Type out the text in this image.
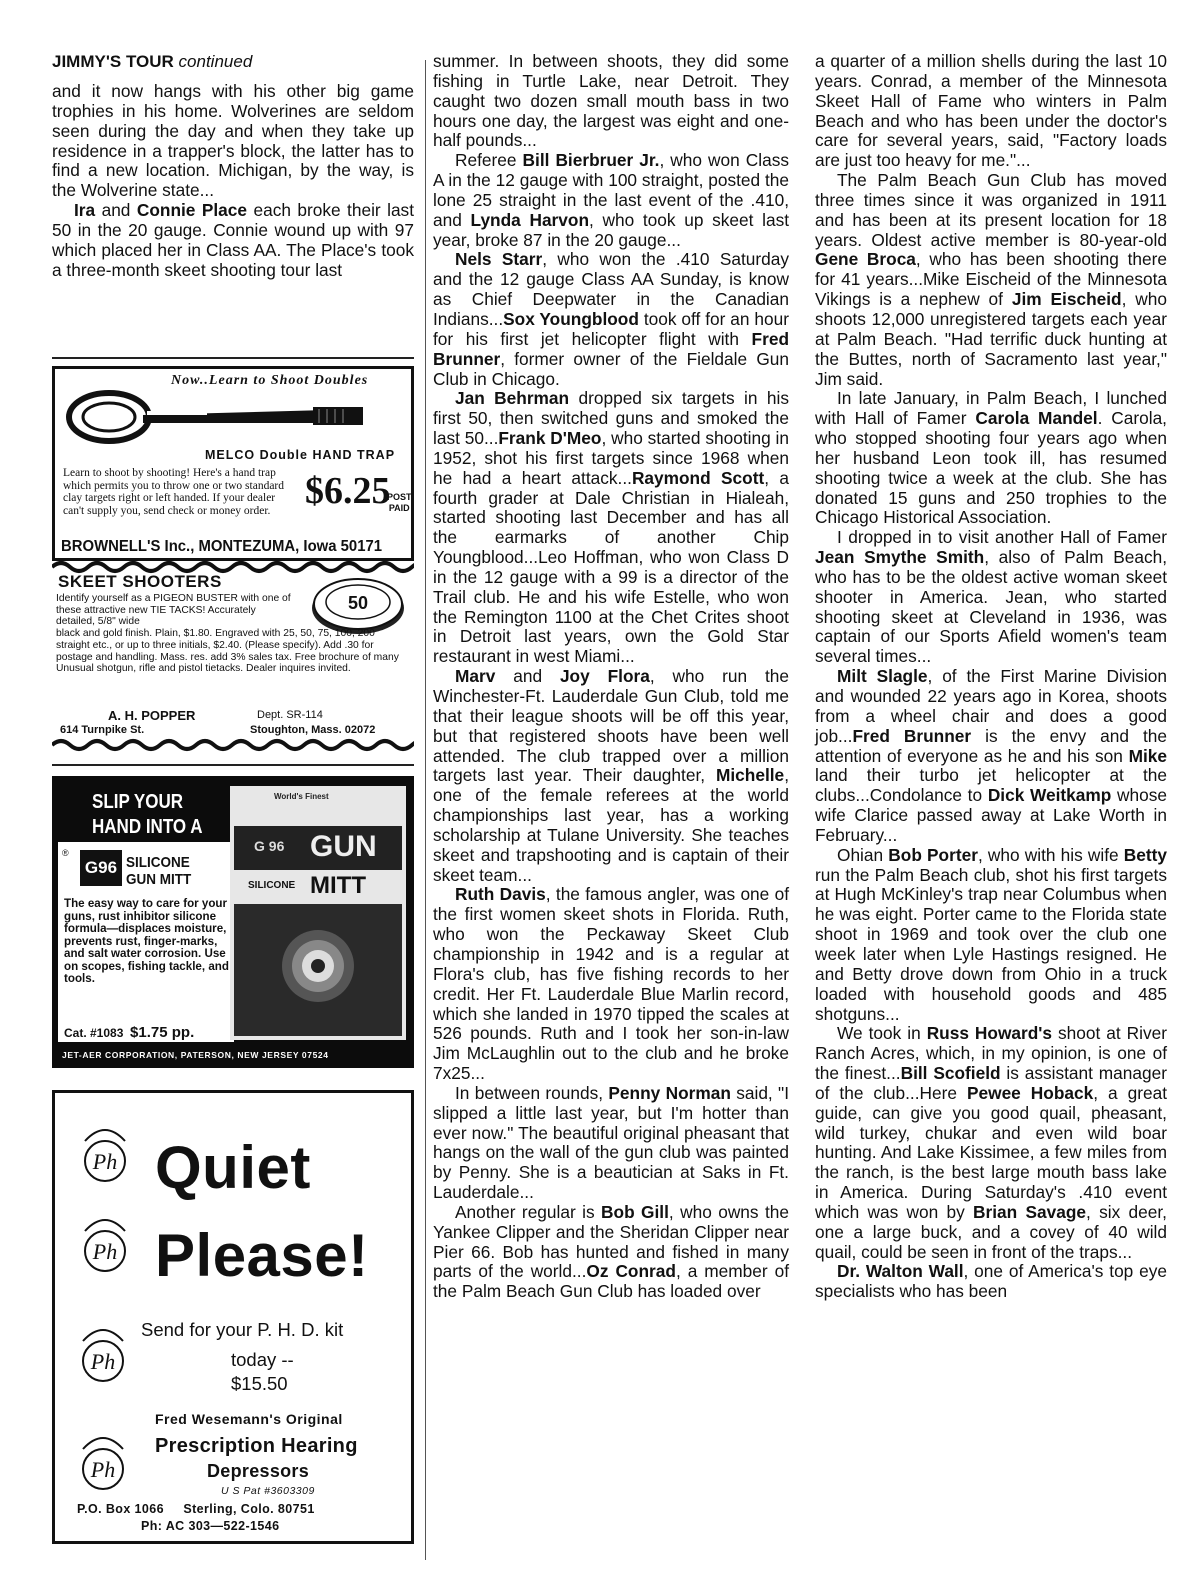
JIMMY'S TOUR continued

and it now hangs with his other big game trophies in his home. Wolverines are seldom seen during the day and when they take up residence in a trapper's block, the latter has to find a new location. Michigan, by the way, is the Wolverine state...

Ira and Connie Place each broke their last 50 in the 20 gauge. Connie wound up with 97 which placed her in Class AA. The Place's took a three-month skeet shooting tour last

Now..Learn to Shoot Doubles
MELCO Double HAND TRAP
Learn to shoot by shooting! Here's a hand trap which permits you to throw one or two standard clay targets right or left handed. If your dealer can't supply you, send check or money order. $6.25
POST
PAID
BROWNELL'S Inc., MONTEZUMA, Iowa 50171
SKEET SHOOTERS
50
Identify yourself as a PIGEON BUSTER with one of these attractive new TIE TACKS! Accurately detailed, 5/8" wide
black and gold finish. Plain, $1.80. Engraved with 25, 50, 75, 100, 200 straight etc., or up to three initials, $2.40. (Please specify). Add .30 for postage and handling. Mass. res. add 3% sales tax. Free brochure of many Unusual shotgun, rifle and pistol tietacks. Dealer inquires invited.
A. H. POPPER	Dept. SR-114
614 Turnpike St.	Stoughton, Mass. 02072
SLIP YOUR
HAND INTO A
®
G96 SILICONE
GUN MITT
The easy way to care for your guns, rust inhibitor silicone formula—displaces moisture, prevents rust, finger-marks, and salt water corrosion. Use on scopes, fishing tackle, and tools.
Cat. #1083 $1.75 pp.
World's Finest
G 96 GUN
SILICONE MITT
JET-AER CORPORATION, PATERSON, NEW JERSEY 07524
Ph Quiet
Ph Please!
Ph
Send for your P. H. D. kit
today --
$15.50
Ph
Fred Wesemann's Original
Prescription Hearing
Depressors
U S Pat #3603309
P.O. Box 1066     Sterling, Colo. 80751
Ph: AC 303—522-1546

summer. In between shoots, they did some fishing in Turtle Lake, near Detroit. They caught two dozen small mouth bass in two hours one day, the largest was eight and one-half pounds...

Referee Bill Bierbruer Jr., who won Class A in the 12 gauge with 100 straight, posted the lone 25 straight in the last event of the .410, and Lynda Harvon, who took up skeet last year, broke 87 in the 20 gauge...

Nels Starr, who won the .410 Saturday and the 12 gauge Class AA Sunday, is know as Chief Deepwater in the Canadian Indians...Sox Youngblood took off for an hour for his first jet helicopter flight with Fred Brunner, former owner of the Fieldale Gun Club in Chicago.

Jan Behrman dropped six targets in his first 50, then switched guns and smoked the last 50...Frank D'Meo, who started shooting in 1952, shot his first targets since 1968 when he had a heart attack...Raymond Scott, a fourth grader at Dale Christian in Hialeah, started shooting last December and has all the earmarks of another Chip Youngblood...Leo Hoffman, who won Class D in the 12 gauge with a 99 is a director of the Trail club. He and his wife Estelle, who won the Remington 1100 at the Chet Crites shoot in Detroit last years, own the Gold Star restaurant in west Miami...

Marv and Joy Flora, who run the Winchester-Ft. Lauderdale Gun Club, told me that their league shoots will be off this year, but that registered shoots have been well attended. The club trapped over a million targets last year. Their daughter, Michelle, one of the female referees at the world championships last year, has a working scholarship at Tulane University. She teaches skeet and trapshooting and is captain of their skeet team...

Ruth Davis, the famous angler, was one of the first women skeet shots in Florida. Ruth, who won the Peckaway Skeet Club championship in 1942 and is a regular at Flora's club, has five fishing records to her credit. Her Ft. Lauderdale Blue Marlin record, which she landed in 1970 tipped the scales at 526 pounds. Ruth and I took her son-in-law Jim McLaughlin out to the club and he broke 7x25...

In between rounds, Penny Norman said, "I slipped a little last year, but I'm hotter than ever now." The beautiful original pheasant that hangs on the wall of the gun club was painted by Penny. She is a beautician at Saks in Ft. Lauderdale...

Another regular is Bob Gill, who owns the Yankee Clipper and the Sheridan Clipper near Pier 66. Bob has hunted and fished in many parts of the world...Oz Conrad, a member of the Palm Beach Gun Club has loaded over

a quarter of a million shells during the last 10 years. Conrad, a member of the Minnesota Skeet Hall of Fame who winters in Palm Beach and who has been under the doctor's care for several years, said, "Factory loads are just too heavy for me."...

The Palm Beach Gun Club has moved three times since it was organized in 1911 and has been at its present location for 18 years. Oldest active member is 80-year-old Gene Broca, who has been shooting there for 41 years...Mike Eischeid of the Minnesota Vikings is a nephew of Jim Eischeid, who shoots 12,000 unregistered targets each year at Palm Beach. "Had terrific duck hunting at the Buttes, north of Sacramento last year," Jim said.

In late January, in Palm Beach, I lunched with Hall of Famer Carola Mandel. Carola, who stopped shooting four years ago when her husband Leon took ill, has resumed shooting twice a week at the club. She has donated 15 guns and 250 trophies to the Chicago Historical Association.

I dropped in to visit another Hall of Famer Jean Smythe Smith, also of Palm Beach, who has to be the oldest active woman skeet shooter in America. Jean, who started shooting skeet at Cleveland in 1936, was captain of our Sports Afield women's team several times...

Milt Slagle, of the First Marine Division and wounded 22 years ago in Korea, shoots from a wheel chair and does a good job...Fred Brunner is the envy and the attention of everyone as he and his son Mike land their turbo jet helicopter at the clubs...Condolance to Dick Weitkamp whose wife Clarice passed away at Lake Worth in February...

Ohian Bob Porter, who with his wife Betty run the Palm Beach club, shot his first targets at Hugh McKinley's trap near Columbus when he was eight. Porter came to the Florida state shoot in 1969 and took over the club one week later when Lyle Hastings resigned. He and Betty drove down from Ohio in a truck loaded with household goods and 485 shotguns...

We took in Russ Howard's shoot at River Ranch Acres, which, in my opinion, is one of the finest...Bill Scofield is assistant manager of the club...Here Pewee Hoback, a great guide, can give you good quail, pheasant, wild turkey, chukar and even wild boar hunting. And Lake Kissimee, a few miles from the ranch, is the best large mouth bass lake in America. During Saturday's .410 event which was won by Brian Savage, six deer, one a large buck, and a covey of 40 wild quail, could be seen in front of the traps...

Dr. Walton Wall, one of America's top eye specialists who has been
